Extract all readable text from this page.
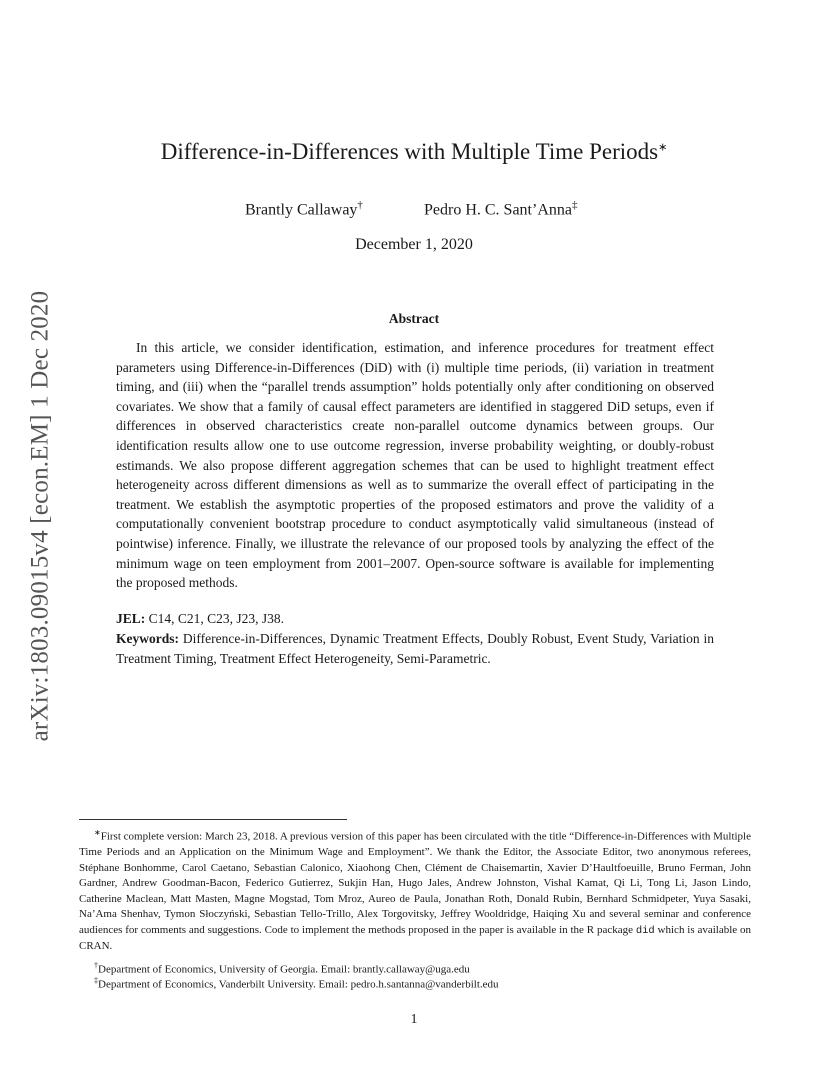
arXiv:1803.09015v4 [econ.EM] 1 Dec 2020
Difference-in-Differences with Multiple Time Periods∗
Brantly Callaway†	Pedro H. C. Sant’Anna‡
December 1, 2020
Abstract

In this article, we consider identification, estimation, and inference procedures for treatment effect parameters using Difference-in-Differences (DiD) with (i) multiple time periods, (ii) variation in treatment timing, and (iii) when the “parallel trends assumption” holds potentially only after conditioning on observed covariates. We show that a family of causal effect parameters are identified in staggered DiD setups, even if differences in observed characteristics create non-parallel outcome dynamics between groups. Our identification results allow one to use outcome regression, inverse probability weighting, or doubly-robust estimands. We also propose different aggregation schemes that can be used to highlight treatment effect heterogeneity across different dimensions as well as to summarize the overall effect of participating in the treatment. We establish the asymptotic properties of the proposed estimators and prove the validity of a computationally convenient bootstrap procedure to conduct asymptotically valid simultaneous (instead of pointwise) inference. Finally, we illustrate the relevance of our proposed tools by analyzing the effect of the minimum wage on teen employment from 2001–2007. Open-source software is available for implementing the proposed methods.

JEL: C14, C21, C23, J23, J38.

Keywords: Difference-in-Differences, Dynamic Treatment Effects, Doubly Robust, Event Study, Variation in Treatment Timing, Treatment Effect Heterogeneity, Semi-Parametric.

∗First complete version: March 23, 2018. A previous version of this paper has been circulated with the title “Difference-in-Differences with Multiple Time Periods and an Application on the Minimum Wage and Employment”. We thank the Editor, the Associate Editor, two anonymous referees, Stéphane Bonhomme, Carol Caetano, Sebastian Calonico, Xiaohong Chen, Clément de Chaisemartin, Xavier D’Haultfoeuille, Bruno Ferman, John Gardner, Andrew Goodman-Bacon, Federico Gutierrez, Sukjin Han, Hugo Jales, Andrew Johnston, Vishal Kamat, Qi Li, Tong Li, Jason Lindo, Catherine Maclean, Matt Masten, Magne Mogstad, Tom Mroz, Aureo de Paula, Jonathan Roth, Donald Rubin, Bernhard Schmidpeter, Yuya Sasaki, Na’Ama Shenhav, Tymon Słoczyński, Sebastian Tello-Trillo, Alex Torgovitsky, Jeffrey Wooldridge, Haiqing Xu and several seminar and conference audiences for comments and suggestions. Code to implement the methods proposed in the paper is available in the R package did which is available on CRAN.

†Department of Economics, University of Georgia. Email: brantly.callaway@uga.edu

‡Department of Economics, Vanderbilt University. Email: pedro.h.santanna@vanderbilt.edu

1
